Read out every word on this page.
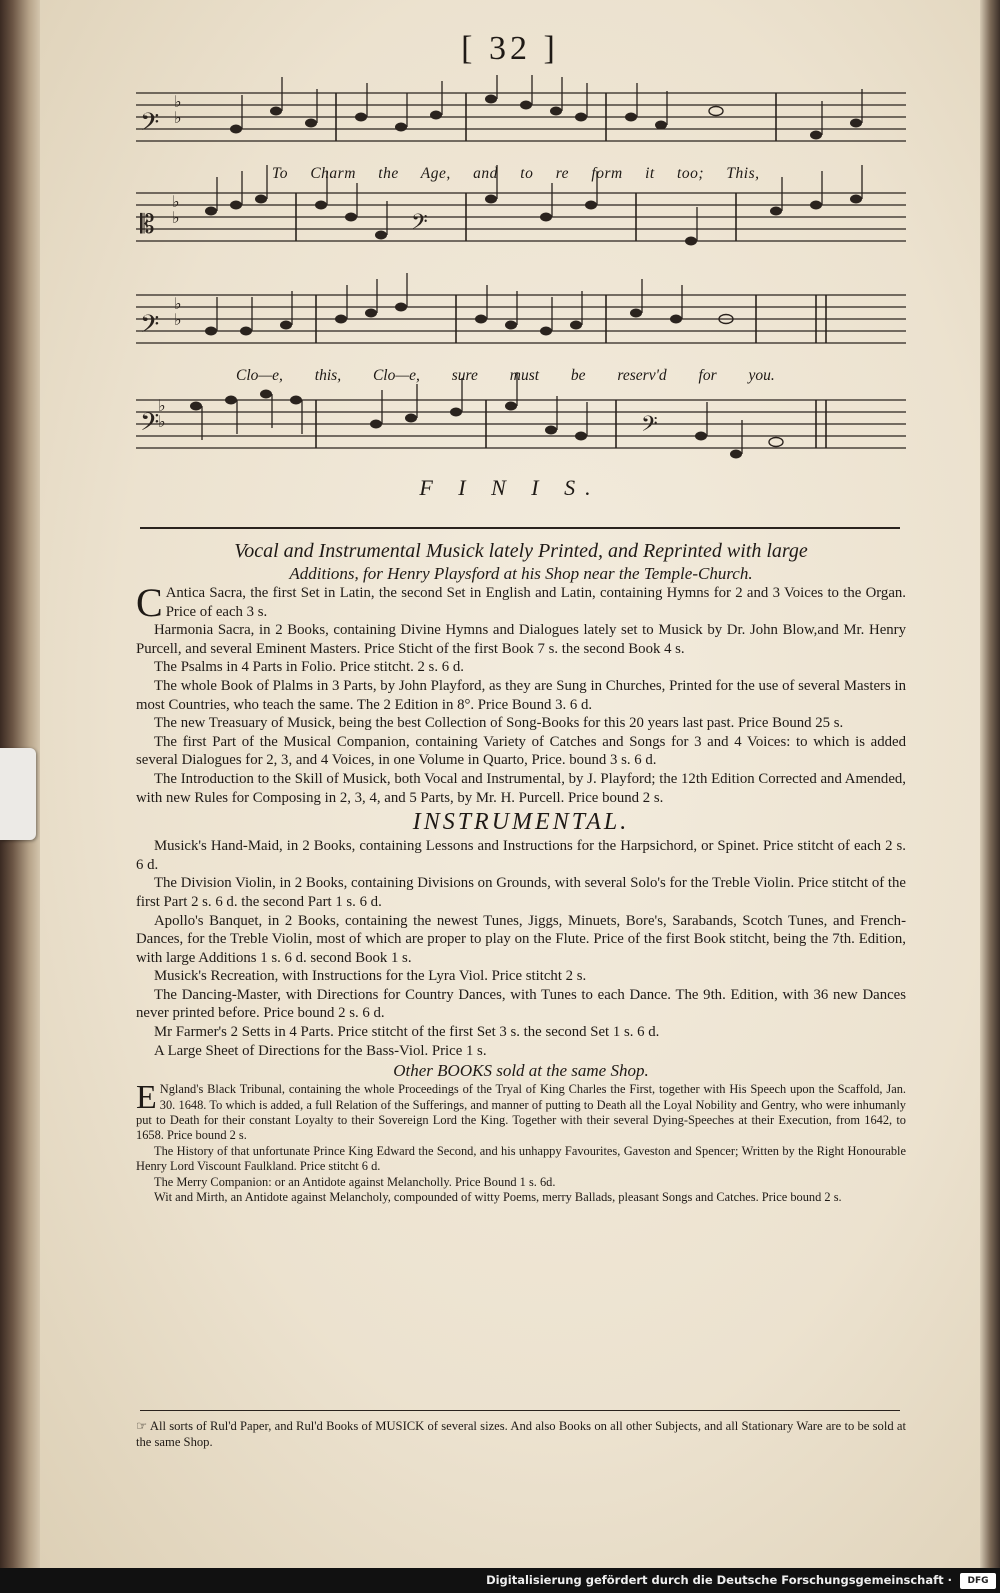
[ 32 ]
𝄢
♭
♭
𝄢
♭
♭
𝄢
♭
♭
𝄡
♭
♭	𝄢
𝄢
To Charm the Age, and to re form it too; This,
Clo—e, this, Clo—e, sure must be reserv'd for you.
F I N I S.

Vocal and Instrumental Musick lately Printed, and Reprinted with large

Additions, for Henry Playsford at his Shop near the Temple-Church.

C Antica Sacra, the first Set in Latin, the second Set in English and Latin, containing Hymns for 2 and 3 Voices to the Organ. Price of each 3 s.

Harmonia Sacra, in 2 Books, containing Divine Hymns and Dialogues lately set to Musick by Dr. John Blow,and Mr. Henry Purcell, and several Eminent Masters. Price Sticht of the first Book 7 s. the second Book 4 s.

The Psalms in 4 Parts in Folio. Price stitcht. 2 s. 6 d.

The whole Book of Plalms in 3 Parts, by John Playford, as they are Sung in Churches, Printed for the use of several Masters in most Countries, who teach the same. The 2 Edition in 8°. Price Bound 3. 6 d.

The new Treasuary of Musick, being the best Collection of Song-Books for this 20 years last past. Price Bound 25 s.

The first Part of the Musical Companion, containing Variety of Catches and Songs for 3 and 4 Voices: to which is added several Dialogues for 2, 3, and 4 Voices, in one Volume in Quarto, Price. bound 3 s. 6 d.

The Introduction to the Skill of Musick, both Vocal and Instrumental, by J. Playford; the 12th Edition Corrected and Amended, with new Rules for Composing in 2, 3, 4, and 5 Parts, by Mr. H. Purcell. Price bound 2 s.

INSTRUMENTAL.

Musick's Hand-Maid, in 2 Books, containing Lessons and Instructions for the Harpsichord, or Spinet. Price stitcht of each 2 s. 6 d.

The Division Violin, in 2 Books, containing Divisions on Grounds, with several Solo's for the Treble Violin. Price stitcht of the first Part 2 s. 6 d. the second Part 1 s. 6 d.

Apollo's Banquet, in 2 Books, containing the newest Tunes, Jiggs, Minuets, Bore's, Sarabands, Scotch Tunes, and French-Dances, for the Treble Violin, most of which are proper to play on the Flute. Price of the first Book stitcht, being the 7th. Edition, with large Additions 1 s. 6 d. second Book 1 s.

Musick's Recreation, with Instructions for the Lyra Viol. Price stitcht 2 s.

The Dancing-Master, with Directions for Country Dances, with Tunes to each Dance. The 9th. Edition, with 36 new Dances never printed before. Price bound 2 s. 6 d.

Mr Farmer's 2 Setts in 4 Parts. Price stitcht of the first Set 3 s. the second Set 1 s. 6 d.

A Large Sheet of Directions for the Bass-Viol. Price 1 s.

Other BOOKS sold at the same Shop.

E Ngland's Black Tribunal, containing the whole Proceedings of the Tryal of King Charles the First, together with His Speech upon the Scaffold, Jan. 30. 1648. To which is added, a full Relation of the Sufferings, and manner of putting to Death all the Loyal Nobility and Gentry, who were inhumanly put to Death for their constant Loyalty to their Sovereign Lord the King. Together with their several Dying-Speeches at their Execution, from 1642, to 1658. Price bound 2 s.

The History of that unfortunate Prince King Edward the Second, and his unhappy Favourites, Gaveston and Spencer; Written by the Right Honourable Henry Lord Viscount Faulkland. Price stitcht 6 d.

The Merry Companion: or an Antidote against Melancholly. Price Bound 1 s. 6d.

Wit and Mirth, an Antidote against Melancholy, compounded of witty Poems, merry Ballads, pleasant Songs and Catches. Price bound 2 s.

☞ All sorts of Rul'd Paper, and Rul'd Books of MUSICK of several sizes. And also Books on all other Subjects, and all Stationary Ware are to be sold at the same Shop.
Digitalisierung gefördert durch die Deutsche Forschungsgemeinschaft ·	DFG
